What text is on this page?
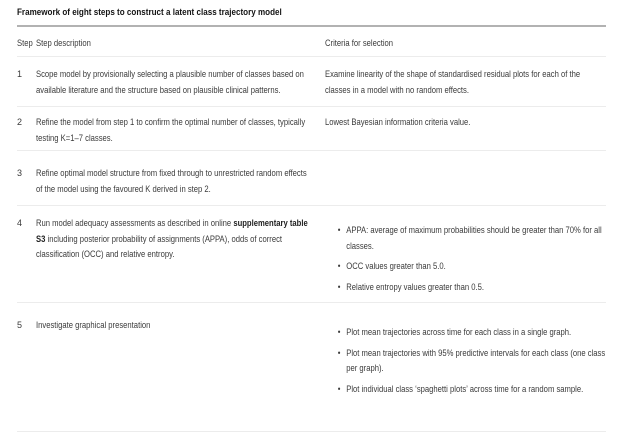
Framework of eight steps to construct a latent class trajectory model
Step Step description	Criteria for selection
1	Scope model by provisionally selecting a plausible number of classes based on available literature and the structure based on plausible clinical patterns.
Examine linearity of the shape of standardised residual plots for each of the classes in a model with no random effects.
2	Refine the model from step 1 to confirm the optimal number of classes, typically testing K=1–7 classes.
Lowest Bayesian information criteria value.
3	Refine optimal model structure from fixed through to unrestricted random effects of the model using the favoured K derived in step 2.
4	Run model adequacy assessments as described in online supplementary table S3 including posterior probability of assignments (APPA), odds of correct classification (OCC) and relative entropy.
• APPA: average of maximum probabilities should be greater than 70% for all classes.
• OCC values greater than 5.0.
• Relative entropy values greater than 0.5.
5	Investigate graphical presentation
• Plot mean trajectories across time for each class in a single graph.
• Plot mean trajectories with 95% predictive intervals for each class (one class per graph).
• Plot individual class ‘spaghetti plots’ across time for a random sample.
